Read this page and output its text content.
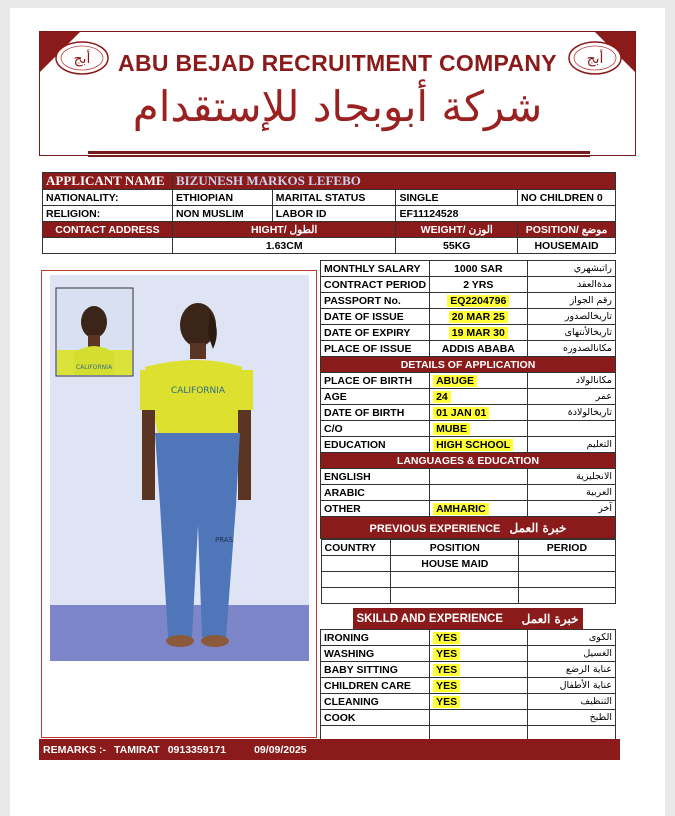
أبج	أبج
ABU BEJAD RECRUITMENT COMPANY
شركة أبوبجاد للإستقدام
APPLICANT NAME	BIZUNESH MARKOS LEFEBO			
NATIONALITY:	ETHIOPIAN	MARITAL STATUS	SINGLE	NO CHILDREN 0
RELIGION:	NON MUSLIM	LABOR ID	EF11124528	
CONTACT ADDRESS	HIGHT/ الطول		WEIGHT/ الوزن	POSITION/ موضع
	1.63CM		55KG	HOUSEMAID
CALIFORNIA
CALIFORNIA
PRAS
MONTHLY SALARY	1000 SAR	راتبشهري
CONTRACT PERIOD	2 YRS	مدةالعقد
PASSPORT No.	EQ2204796	رقم الجواز
DATE OF ISSUE	20 MAR 25	تاريخالصدور
DATE OF EXPIRY	19 MAR 30	تاريخالأنتهاى
PLACE OF ISSUE	ADDIS ABABA	مكانالصدوره
DETAILS OF APPLICATION
PLACE OF BIRTH	ABUGE	مكانالولاد
AGE	24	عمر
DATE OF BIRTH	01 JAN 01	تاريخالولادة
C/O	MUBE	
EDUCATION	HIGH SCHOOL	التعليم
LANGUAGES & EDUCATION
ENGLISH		الانجليزية
ARABIC		العربية
OTHER	AMHARIC	آخر
PREVIOUS EXPERIENCE خبرة العمل

COUNTRY	POSITION	PERIOD
	HOUSE MAID	

SKILLD AND EXPERIENCE خبرة العمل

IRONING	YES	الكوى
WASHING	YES	الغسيل
BABY SITTING	YES	عناية الرضع
CHILDREN CARE	YES	عناية الأطفال
CLEANING	YES	التنظيف
COOK		الطبخ

REMARKS :- TAMIRAT 0913359171	09/09/2025
